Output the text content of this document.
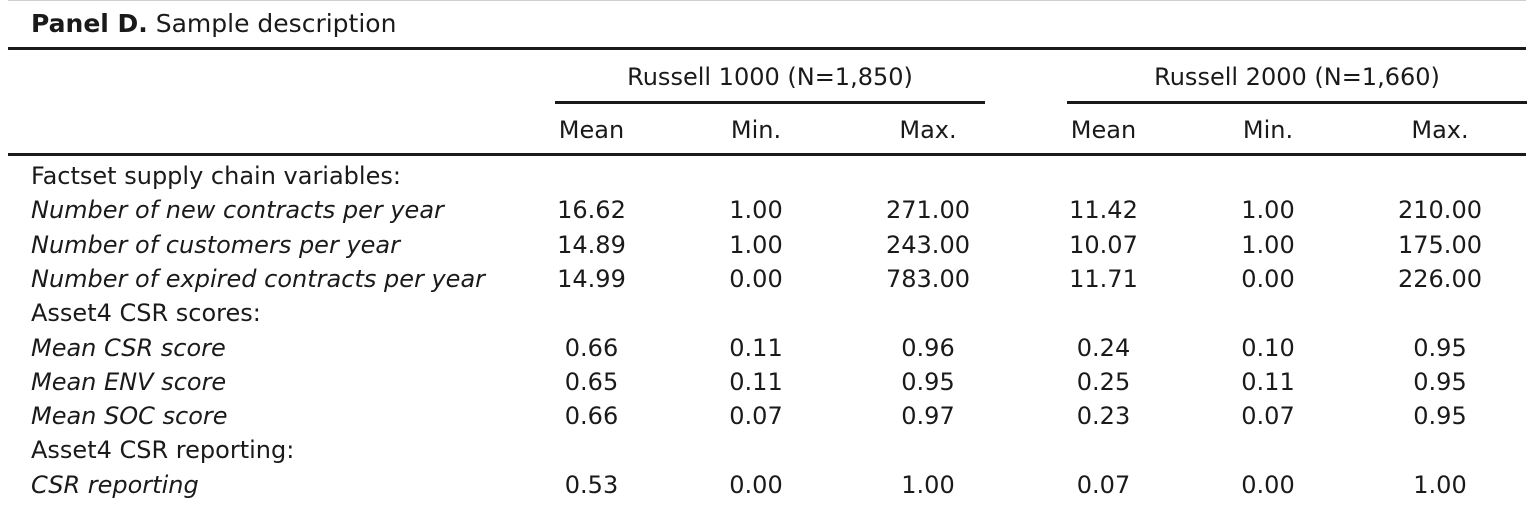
Panel D. Sample description
Russell 1000 (N=1,850)	Russell 2000 (N=1,660)
Mean	Min.	Max.	Mean	Min.	Max.
Factset supply chain variables:
Number of new contracts per year	16.62	1.00	271.00	11.42	1.00	210.00
Number of customers per year	14.89	1.00	243.00	10.07	1.00	175.00
Number of expired contracts per year	14.99	0.00	783.00	11.71	0.00	226.00
Asset4 CSR scores:
Mean CSR score	0.66	0.11	0.96	0.24	0.10	0.95
Mean ENV score	0.65	0.11	0.95	0.25	0.11	0.95
Mean SOC score	0.66	0.07	0.97	0.23	0.07	0.95
Asset4 CSR reporting:
CSR reporting	0.53	0.00	1.00	0.07	0.00	1.00
